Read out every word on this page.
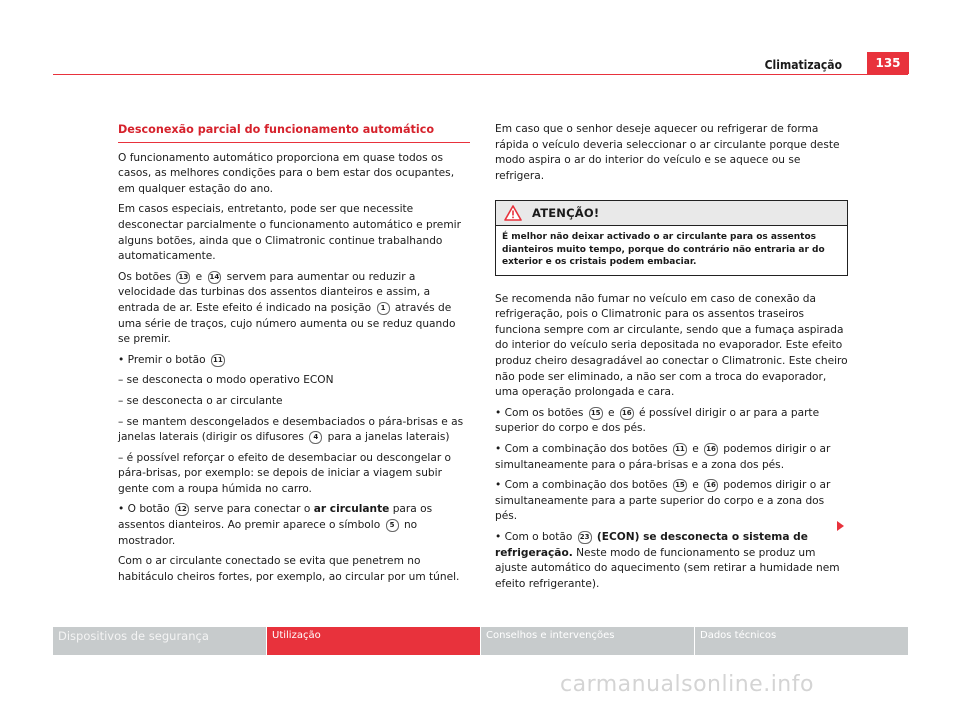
Climatização	135
Desconexão parcial do funcionamento automático

O funcionamento automático proporciona em quase todos os casos, as melhores condições para o bem estar dos ocupantes, em qualquer estação do ano.

Em casos especiais, entretanto, pode ser que necessite desconectar parcialmente o funcionamento automático e premir alguns botões, ainda que o Climatronic continue trabalhando automaticamente.

Os botões 13 e 14 servem para aumentar ou reduzir a velocidade das turbinas dos assentos dianteiros e assim, a entrada de ar. Este efeito é indicado na posição 1 através de uma série de traços, cujo número aumenta ou se reduz quando se premir.

• Premir o botão 11

– se desconecta o modo operativo ECON

– se desconecta o ar circulante

– se mantem descongelados e desembaciados o pára-brisas e as janelas laterais (dirigir os difusores 4 para a janelas laterais)

– é possível reforçar o efeito de desembaciar ou descongelar o pára-brisas, por exemplo: se depois de iniciar a viagem subir gente com a roupa húmida no carro.

• O botão 12 serve para conectar o ar circulante para os assentos dianteiros. Ao premir aparece o símbolo 5 no mostrador.

Com o ar circulante conectado se evita que penetrem no habitáculo cheiros fortes, por exemplo, ao circular por um túnel.

Em caso que o senhor deseje aquecer ou refrigerar de forma rápida o veículo deveria seleccionar o ar circulante porque deste modo aspira o ar do interior do veículo e se aquece ou se refrigera.

ATENÇÃO!
É melhor não deixar activado o ar circulante para os assentos dianteiros muito tempo, porque do contrário não entraria ar do exterior e os cristais podem embaciar.

Se recomenda não fumar no veículo em caso de conexão da refrigeração, pois o Climatronic para os assentos traseiros funciona sempre com ar circulante, sendo que a fumaça aspirada do interior do veículo seria depositada no evaporador. Este efeito produz cheiro desagradável ao conectar o Climatronic. Este cheiro não pode ser eliminado, a não ser com a troca do evaporador, uma operação prolongada e cara.

• Com os botões 15 e 16 é possível dirigir o ar para a parte superior do corpo e dos pés.

• Com a combinação dos botões 11 e 16 podemos dirigir o ar simultaneamente para o pára-brisas e a zona dos pés.

• Com a combinação dos botões 15 e 16 podemos dirigir o ar simultaneamente para a parte superior do corpo e a zona dos pés.

• Com o botão 23 (ECON) se desconecta o sistema de refrigeração. Neste modo de funcionamento se produz um ajuste automático do aquecimento (sem retirar a humidade nem efeito refrigerante).

Dispositivos de segurança	Utilização	Conselhos e intervenções	Dados técnicos
carmanualsonline.info
